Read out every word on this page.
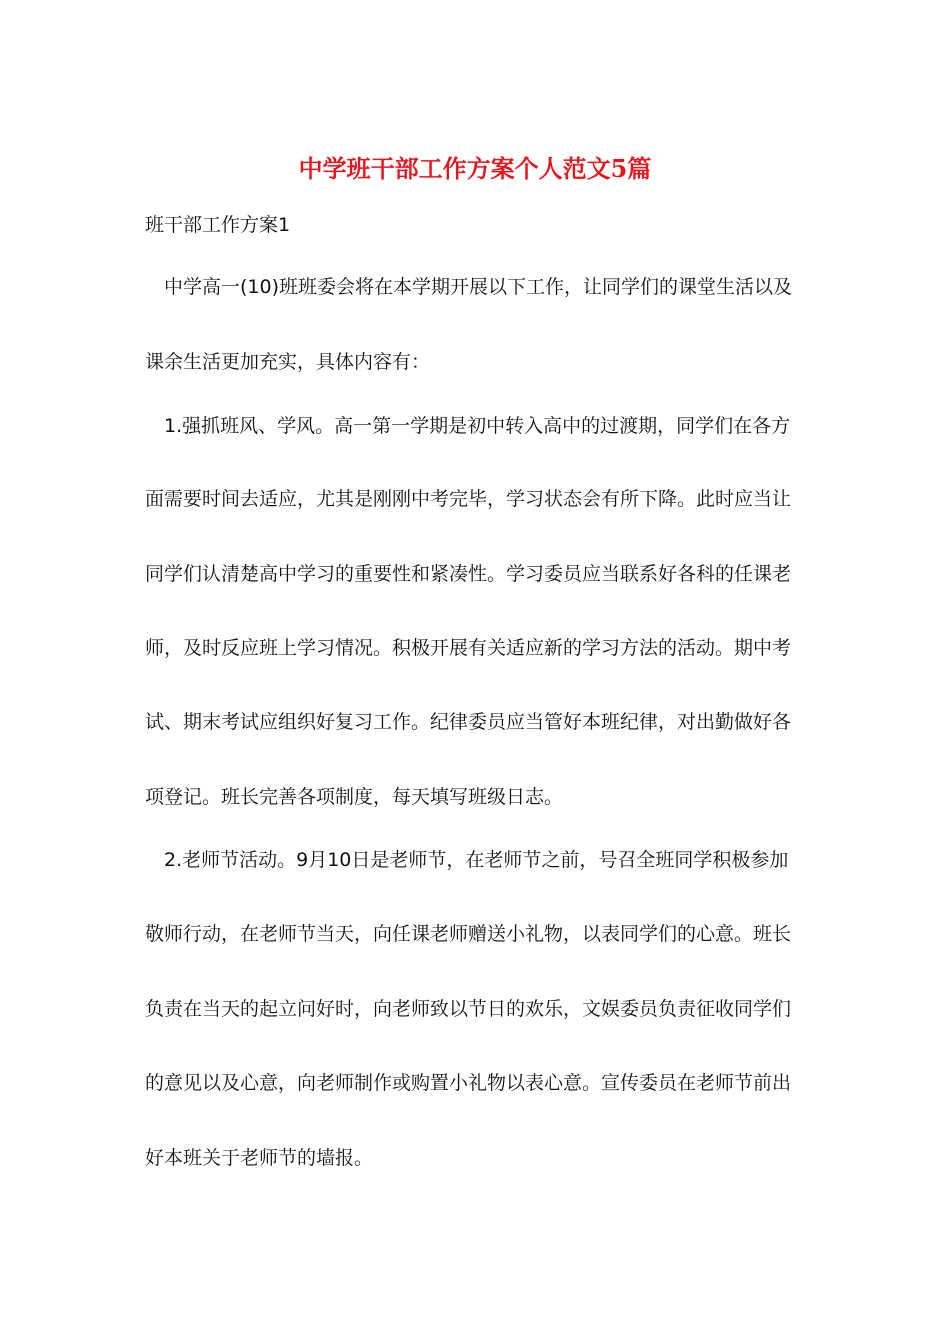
中学班干部工作方案个人范文5篇
班干部工作方案1
中学高一(10)班班委会将在本学期开展以下工作，让同学们的课堂生活以及
课余生活更加充实，具体内容有：
1.强抓班风、学风。高一第一学期是初中转入高中的过渡期，同学们在各方
面需要时间去适应，尤其是刚刚中考完毕，学习状态会有所下降。此时应当让
同学们认清楚高中学习的重要性和紧凑性。学习委员应当联系好各科的任课老
师，及时反应班上学习情况。积极开展有关适应新的学习方法的活动。期中考
试、期末考试应组织好复习工作。纪律委员应当管好本班纪律，对出勤做好各
项登记。班长完善各项制度，每天填写班级日志。
2.老师节活动。9月10日是老师节，在老师节之前，号召全班同学积极参加
敬师行动，在老师节当天，向任课老师赠送小礼物，以表同学们的心意。班长
负责在当天的起立问好时，向老师致以节日的欢乐，文娱委员负责征收同学们
的意见以及心意，向老师制作或购置小礼物以表心意。宣传委员在老师节前出
好本班关于老师节的墙报。
